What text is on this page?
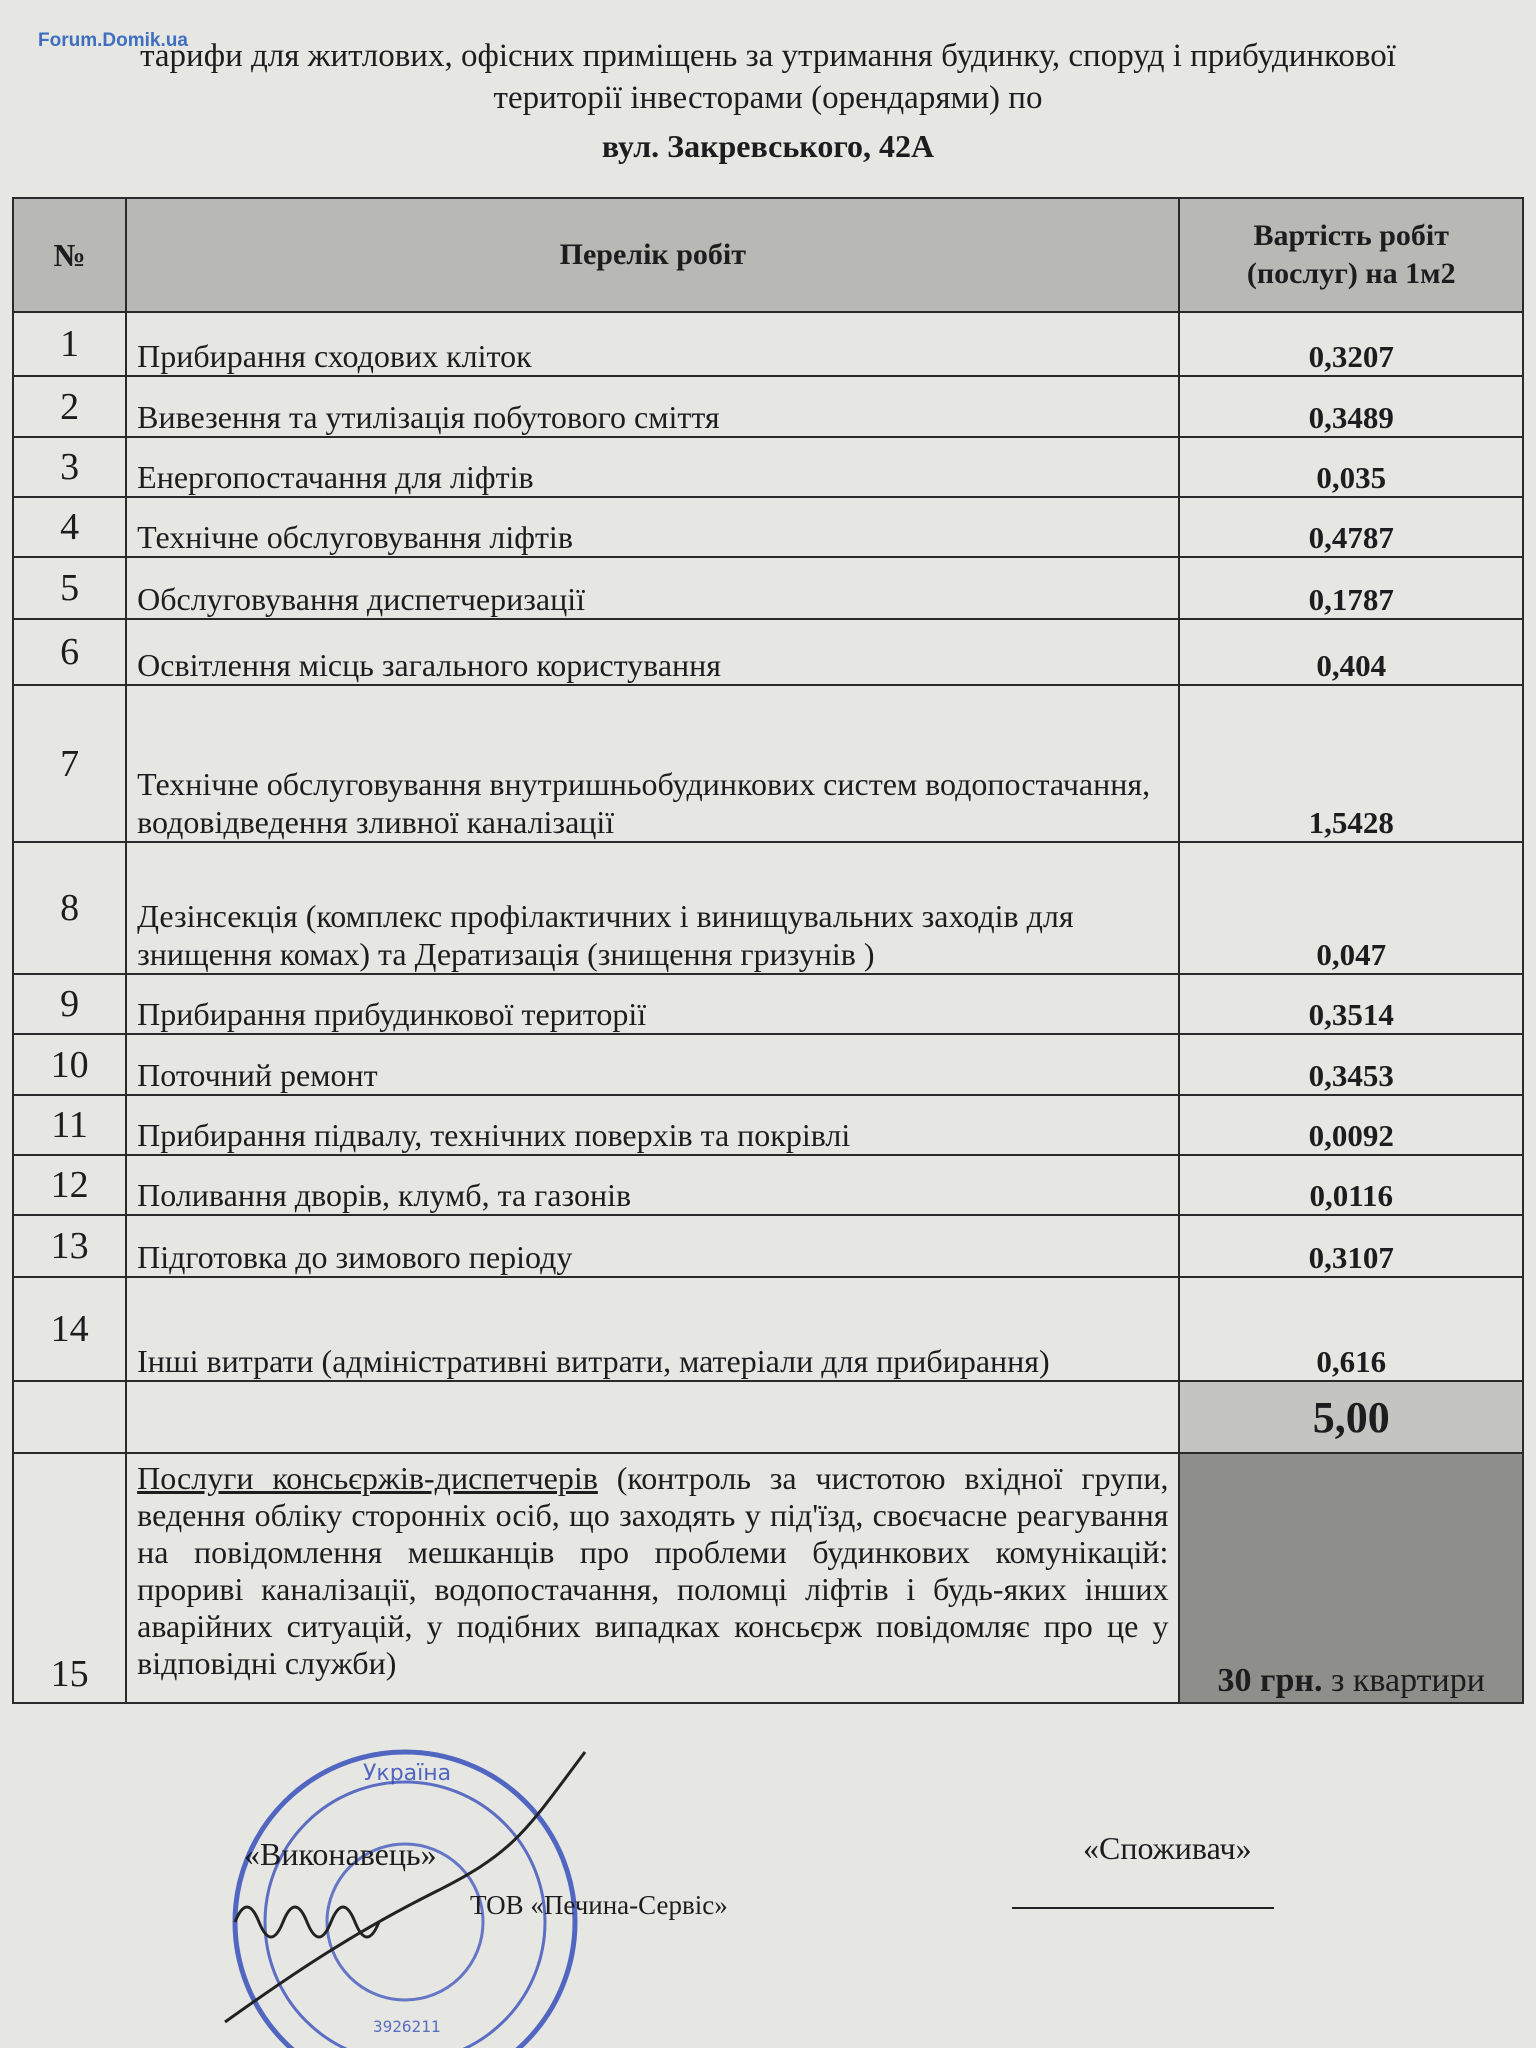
Forum.Domik.ua
тарифи для житлових, офісних приміщень за утримання будинку, споруд і прибудинкової
території інвесторами (орендарями) по
вул. Закревського, 42А
№	Перелік робіт	Вартість робіт
(послуг) на 1м2

1	Прибирання сходових кліток	0,3207
2	Вивезення та утилізація побутового сміття	0,3489
3	Енергопостачання для ліфтів	0,035
4	Технічне обслуговування ліфтів	0,4787
5	Обслуговування диспетчеризації	0,1787
6	Освітлення місць загального користування	0,404
7	Технічне обслуговування внутришньобудинкових систем водопостачання, водовідведення зливної каналізації	1,5428
8	Дезінсекція (комплекс профілактичних і винищувальних заходів для знищення комах) та Дератизація (знищення гризунів )	0,047
9	Прибирання прибудинкової території	0,3514
10	Поточний ремонт	0,3453
11	Прибирання підвалу, технічних поверхів та покрівлі	0,0092
12	Поливання дворів, клумб, та газонів	0,0116
13	Підготовка до зимового періоду	0,3107
14	Інші витрати (адміністративні витрати, матеріали для прибирання)	0,616
		5,00
15	Послуги консьєржів-диспетчерів (контроль за чистотою вхідної групи, ведення обліку сторонніх осіб, що заходять у під'їзд, своєчасне реагування на повідомлення мешканців про проблеми будинкових комунікацій: прориві каналізації, водопостачання, поломці ліфтів і будь-яких інших аварійних ситуацій, у подібних випадках консьєрж повідомляє про це у відповідні служби)	30 грн. з квартири
Україна
3926211
«Виконавець»
ТОВ «Печина-Сервіс»
«Споживач»
